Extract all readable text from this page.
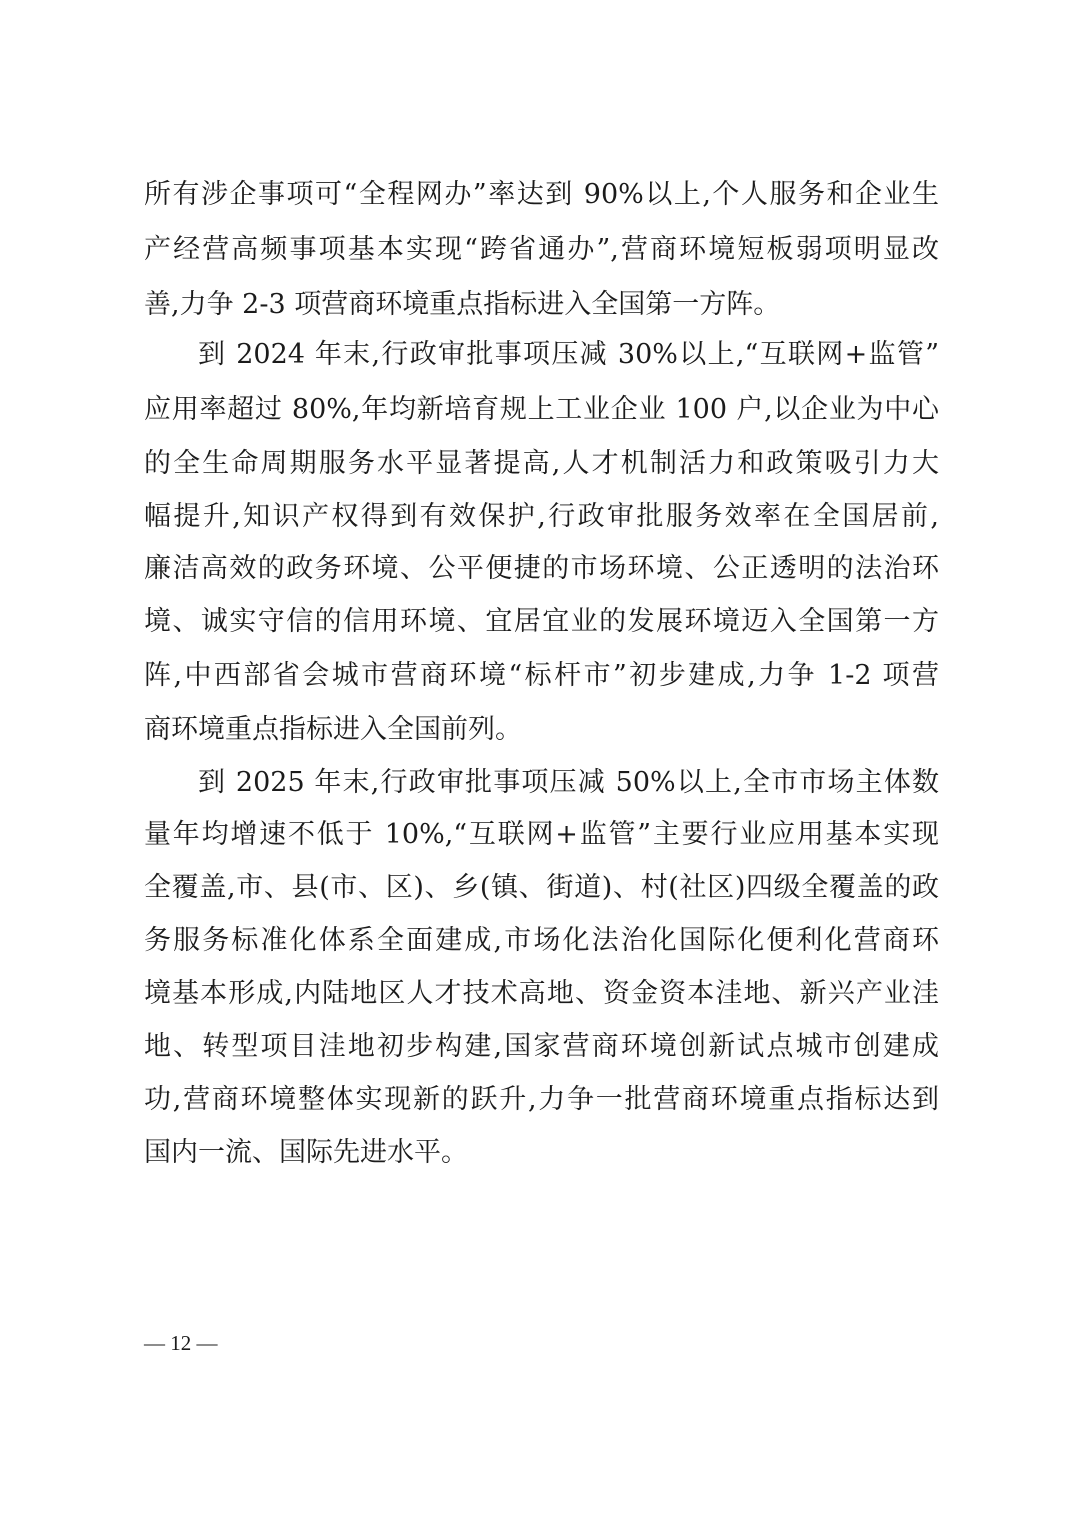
所有涉企事项可“全程网办”率达到 90%以上,个人服务和企业生
产经营高频事项基本实现“跨省通办”,营商环境短板弱项明显改
善,力争 2-3 项营商环境重点指标进入全国第一方阵。
到 2024 年末,行政审批事项压减 30%以上,“互联网+监管”
应用率超过 80%,年均新培育规上工业企业 100 户,以企业为中心
的全生命周期服务水平显著提高,人才机制活力和政策吸引力大
幅提升,知识产权得到有效保护,行政审批服务效率在全国居前,
廉洁高效的政务环境、公平便捷的市场环境、公正透明的法治环
境、诚实守信的信用环境、宜居宜业的发展环境迈入全国第一方
阵,中西部省会城市营商环境“标杆市”初步建成,力争 1-2 项营
商环境重点指标进入全国前列。
到 2025 年末,行政审批事项压减 50%以上,全市市场主体数
量年均增速不低于 10%,“互联网+监管”主要行业应用基本实现
全覆盖,市、县(市、区)、乡(镇、街道)、村(社区)四级全覆盖的政
务服务标准化体系全面建成,市场化法治化国际化便利化营商环
境基本形成,内陆地区人才技术高地、资金资本洼地、新兴产业洼
地、转型项目洼地初步构建,国家营商环境创新试点城市创建成
功,营商环境整体实现新的跃升,力争一批营商环境重点指标达到
国内一流、国际先进水平。
— 12 —
